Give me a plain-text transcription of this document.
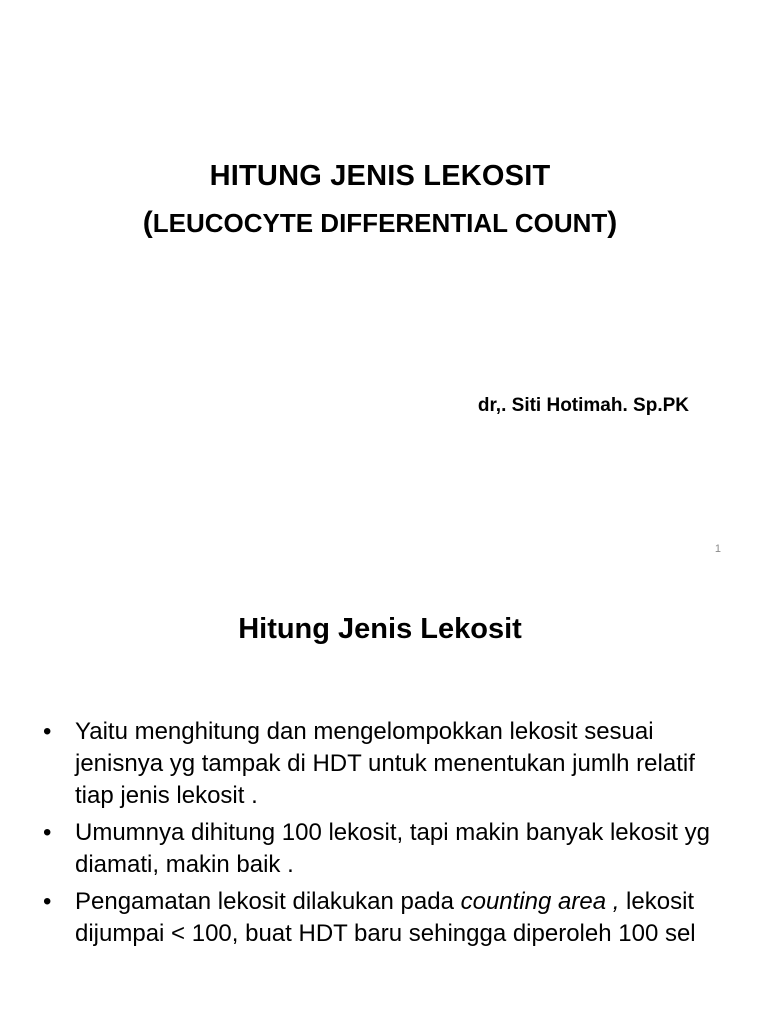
HITUNG JENIS LEKOSIT
(LEUCOCYTE DIFFERENTIAL COUNT)

dr,. Siti Hotimah. Sp.PK

1
Hitung Jenis Lekosit
• Yaitu menghitung dan mengelompokkan lekosit sesuai jenisnya yg tampak di HDT untuk menentukan jumlh relatif tiap jenis lekosit .
• Umumnya dihitung 100 lekosit, tapi makin banyak lekosit yg diamati, makin baik .
• Pengamatan lekosit dilakukan pada counting area , lekosit dijumpai < 100, buat HDT baru sehingga diperoleh 100 sel
